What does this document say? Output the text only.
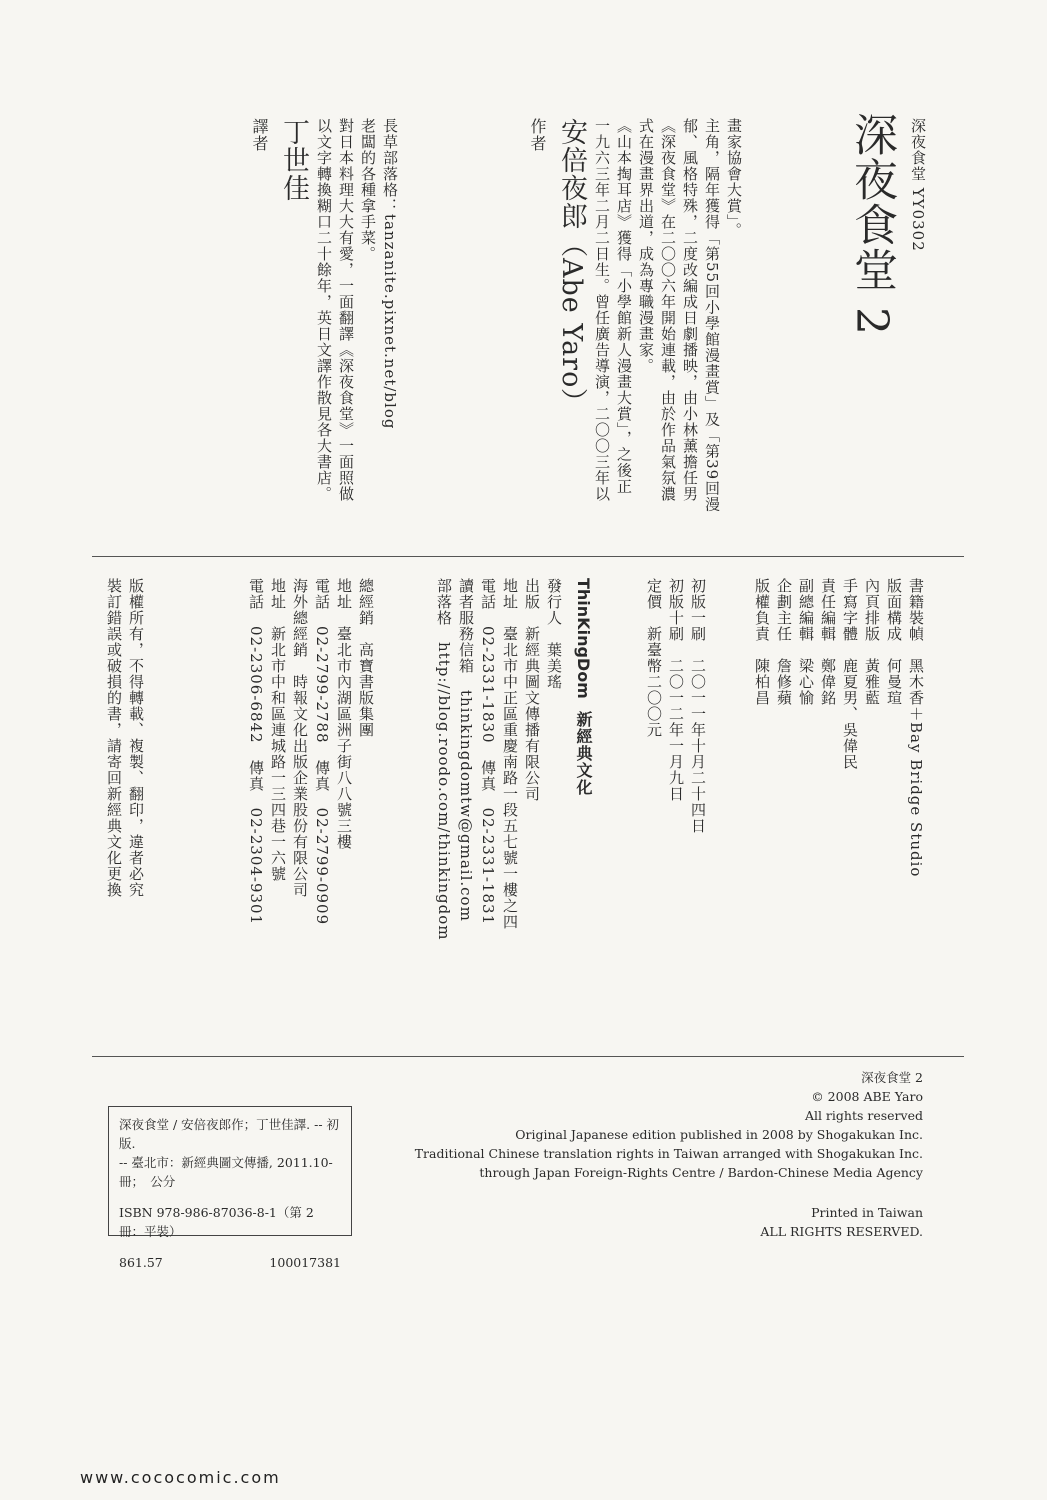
深夜食堂 YY0302
深夜食堂 2
作者 安倍夜郎（Abe Yaro） 一九六三年二月二日生。曾任廣告導演，二〇〇三年以 《山本掏耳店》獲得「小學館新人漫畫大賞」，之後正 式在漫畫界出道，成為專職漫畫家。 《深夜食堂》在二〇〇六年開始連載，由於作品氣氛濃 郁、風格特殊，二度改編成日劇播映，由小林薰擔任男 主角，隔年獲得「第55回小學館漫畫賞」及「第39回漫 畫家協會大賞」。
譯者 丁世佳 以文字轉換糊口二十餘年，英日文譯作散見各大書店。 對日本料理大大有愛，一面翻譯《深夜食堂》一面照做 老闆的各種拿手菜。 長草部落格：tanzanite.pixnet.net/blog
書籍裝幀　黑木香＋Bay Bridge Studio
版面構成　何曼瑄
內頁排版　黃雅藍
手寫字體　鹿夏男、吳偉民
責任編輯　鄭偉銘
副總編輯　梁心愉
企劃主任　詹修蘋
版權負責　陳柏昌
初版一刷　二〇一一年十月二十四日
初版十刷　二〇一二年一月九日
定價　新臺幣二〇〇元
ThinKingDom 新經典文化
發行人　葉美瑤
出版　新經典圖文傳播有限公司
地址　臺北市中正區重慶南路一段五七號一樓之四
電話　02-2331-1830　傳真　02-2331-1831
讀者服務信箱　thinkingdomtw@gmail.com
部落格　http://blog.roodo.com/thinkingdom
總經銷　高寶書版集團
地址　臺北市內湖區洲子街八八號三樓
電話　02-2799-2788　傳真　02-2799-0909
海外總經銷　時報文化出版企業股份有限公司
地址　新北市中和區連城路一三四巷一六號
電話　02-2306-6842　傳真　02-2304-9301
版權所有，不得轉載、複製、翻印，違者必究
裝訂錯誤或破損的書，請寄回新經典文化更換
深夜食堂 2
© 2008 ABE Yaro
All rights reserved
Original Japanese edition published in 2008 by Shogakukan Inc.
Traditional Chinese translation rights in Taiwan arranged with Shogakukan Inc.
through Japan Foreign-Rights Centre / Bardon-Chinese Media Agency
Printed in Taiwan
ALL RIGHTS RESERVED.
深夜食堂 / 安倍夜郎作；丁世佳譯. -- 初版.
-- 臺北市：新經典圖文傳播, 2011.10-
冊；　公分
ISBN 978-986-87036-8-1（第 2 冊：平裝）
861.57	100017381
www.cococomic.com
